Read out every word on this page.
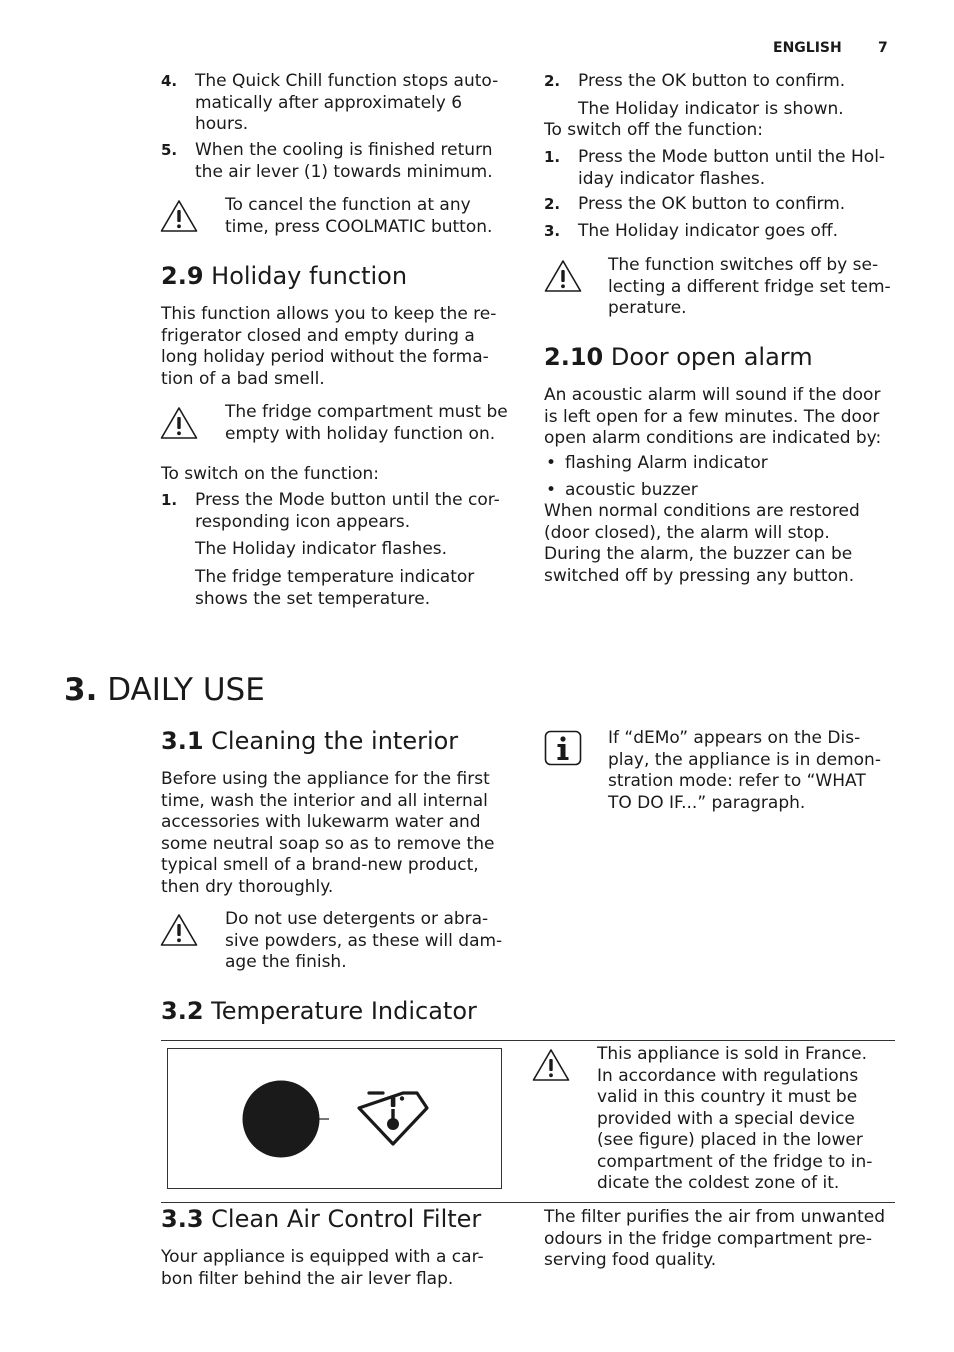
ENGLISH	7
4. The Quick Chill function stops auto-
matically after approximately 6
hours.
5. When the cooling is finished return
the air lever (1) towards minimum.
To cancel the function at any
time, press COOLMATIC button.
2.9 Holiday function
This function allows you to keep the re-
frigerator closed and empty during a
long holiday period without the forma-
tion of a bad smell.
The fridge compartment must be
empty with holiday function on.
To switch on the function:
1. Press the Mode button until the cor-
responding icon appears.
The Holiday indicator flashes.
The fridge temperature indicator
shows the set temperature.
2. Press the OK button to confirm.
The Holiday indicator is shown.
To switch off the function:
1. Press the Mode button until the Hol-
iday indicator flashes.
2. Press the OK button to confirm.
3. The Holiday indicator goes off.
The function switches off by se-
lecting a different fridge set tem-
perature.
2.10 Door open alarm
An acoustic alarm will sound if the door
is left open for a few minutes. The door
open alarm conditions are indicated by:
• flashing Alarm indicator
• acoustic buzzer
When normal conditions are restored
(door closed), the alarm will stop.
During the alarm, the buzzer can be
switched off by pressing any button.
3. DAILY USE
3.1 Cleaning the interior
Before using the appliance for the first
time, wash the interior and all internal
accessories with lukewarm water and
some neutral soap so as to remove the
typical smell of a brand-new product,
then dry thoroughly.
Do not use detergents or abra-
sive powders, as these will dam-
age the finish.
If “dEMo” appears on the Dis-
play, the appliance is in demon-
stration mode: refer to “WHAT
TO DO IF...” paragraph.
3.2 Temperature Indicator
This appliance is sold in France.
In accordance with regulations
valid in this country it must be
provided with a special device
(see figure) placed in the lower
compartment of the fridge to in-
dicate the coldest zone of it.
3.3 Clean Air Control Filter
Your appliance is equipped with a car-
bon filter behind the air lever flap.
The filter purifies the air from unwanted
odours in the fridge compartment pre-
serving food quality.
